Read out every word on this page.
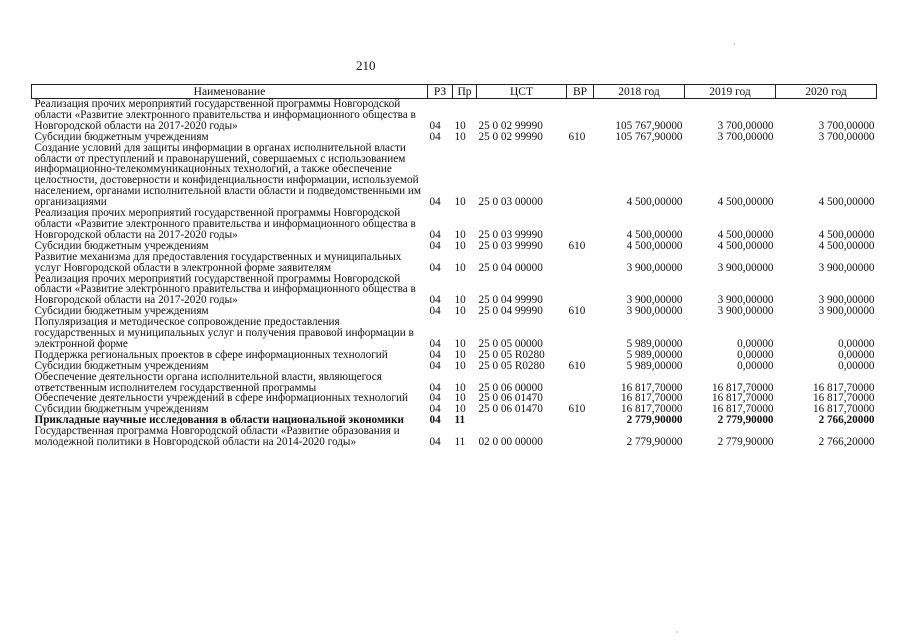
210
Наименование	РЗ	Пр	ЦСТ	ВР	2018 год	2019 год	2020 год
Реализация прочих мероприятий государственной программы Новгородской области «Развитие электронного правительства и информационного общества в Новгородской области на 2017-2020 годы»	04	10	25 0 02 99990		105 767,90000	3 700,00000	3 700,00000
Субсидии бюджетным учреждениям	04	10	25 0 02 99990	610	105 767,90000	3 700,00000	3 700,00000
Создание условий для защиты информации в органах исполнительной власти области от преступлений и правонарушений, совершаемых с использованием информационно-телекоммуникационных технологий, а также обеспечение целостности, достоверности и конфиденциальности информации, используемой населением, органами исполнительной власти области и подведомственными им организациями	04	10	25 0 03 00000		4 500,00000	4 500,00000	4 500,00000
Реализация прочих мероприятий государственной программы Новгородской области «Развитие электронного правительства и информационного общества в Новгородской области на 2017-2020 годы»	04	10	25 0 03 99990		4 500,00000	4 500,00000	4 500,00000
Субсидии бюджетным учреждениям	04	10	25 0 03 99990	610	4 500,00000	4 500,00000	4 500,00000
Развитие механизма для предоставления государственных и муниципальных услуг Новгородской области в электронной форме заявителям	04	10	25 0 04 00000		3 900,00000	3 900,00000	3 900,00000
Реализация прочих мероприятий государственной программы Новгородской области «Развитие электронного правительства и информационного общества в Новгородской области на 2017-2020 годы»	04	10	25 0 04 99990		3 900,00000	3 900,00000	3 900,00000
Субсидии бюджетным учреждениям	04	10	25 0 04 99990	610	3 900,00000	3 900,00000	3 900,00000
Популяризация и методическое сопровождение предоставления государственных и муниципальных услуг и получения правовой информации в электронной форме	04	10	25 0 05 00000		5 989,00000	0,00000	0,00000
Поддержка региональных проектов в сфере информационных технологий	04	10	25 0 05 R0280		5 989,00000	0,00000	0,00000
Субсидии бюджетным учреждениям	04	10	25 0 05 R0280	610	5 989,00000	0,00000	0,00000
Обеспечение деятельности органа исполнительной власти, являющегося ответственным исполнителем государственной программы	04	10	25 0 06 00000		16 817,70000	16 817,70000	16 817,70000
Обеспечение деятельности учреждений в сфере информационных технологий	04	10	25 0 06 01470		16 817,70000	16 817,70000	16 817,70000
Субсидии бюджетным учреждениям	04	10	25 0 06 01470	610	16 817,70000	16 817,70000	16 817,70000
Прикладные научные исследования в области национальной экономики	04	11			2 779,90000	2 779,90000	2 766,20000
Государственная программа Новгородской области «Развитие образования и молодежной политики в Новгородской области на 2014-2020 годы»	04	11	02 0 00 00000		2 779,90000	2 779,90000	2 766,20000
·
·
